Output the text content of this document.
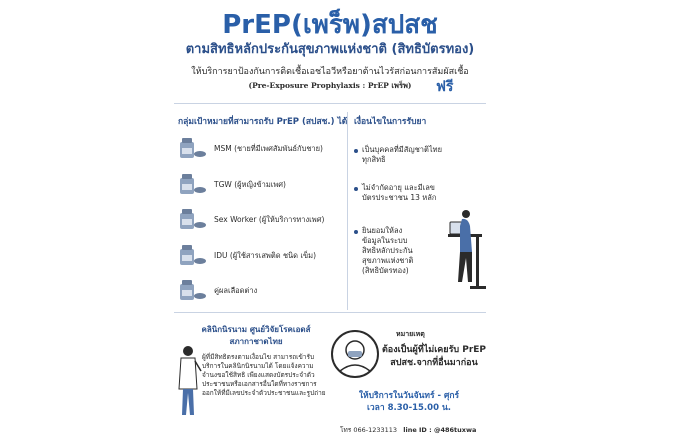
PrEP(เพร็พ)สปสช
ตามสิทธิหลักประกันสุขภาพแห่งชาติ (สิทธิบัตรทอง)
ให้บริการยาป้องกันการติดเชื้อเอชไอวีหรือยาต้านไวรัสก่อนการสัมผัสเชื้อ
(Pre-Exposure Prophylaxis : PrEP เพร็พ)	ฟรี
กลุ่มเป้าหมายที่สามารถรับ PrEP (สปสช.) ได้ เงื่อนไขในการรับยา
MSM (ชายที่มีเพศสัมพันธ์กับชาย)
TGW (ผู้หญิงข้ามเพศ)
Sex Worker (ผู้ให้บริการทางเพศ)
IDU (ผู้ใช้สารเสพติด ชนิด เข็ม)
คู่ผลเลือดต่าง
เป็นบุคคลที่มีสัญชาติไทย
ทุกสิทธิ
ไม่จำกัดอายุ และมีเลข
บัตรประชาชน 13 หลัก
ยินยอมให้ลง
ข้อมูลในระบบ
สิทธิหลักประกัน
สุขภาพแห่งชาติ
(สิทธิบัตรทอง)
คลินิกนิรนาม ศูนย์วิจัยโรคเอดส์
สภากาชาดไทย
ผู้ที่มีสิทธิตรงตามเงื่อนไข สามารถเข้ารับบริการในคลินิกนิรนามได้ โดยแจ้งความจำนงขอใช้สิทธิ เพียงแสดงบัตรประจำตัวประชาชนหรือเอกสารอื่นใดที่ทางราชการออกให้ที่มีเลขประจำตัวประชาชนและรูปถ่าย
หมายเหตุ
ต้องเป็นผู้ที่ไม่เคยรับ PrEP สปสช.จากที่อื่นมาก่อน
ให้บริการในวันจันทร์ - ศุกร์
เวลา 8.30-15.00 น.
โทร 066-1233113 line ID : @486tuxwa
